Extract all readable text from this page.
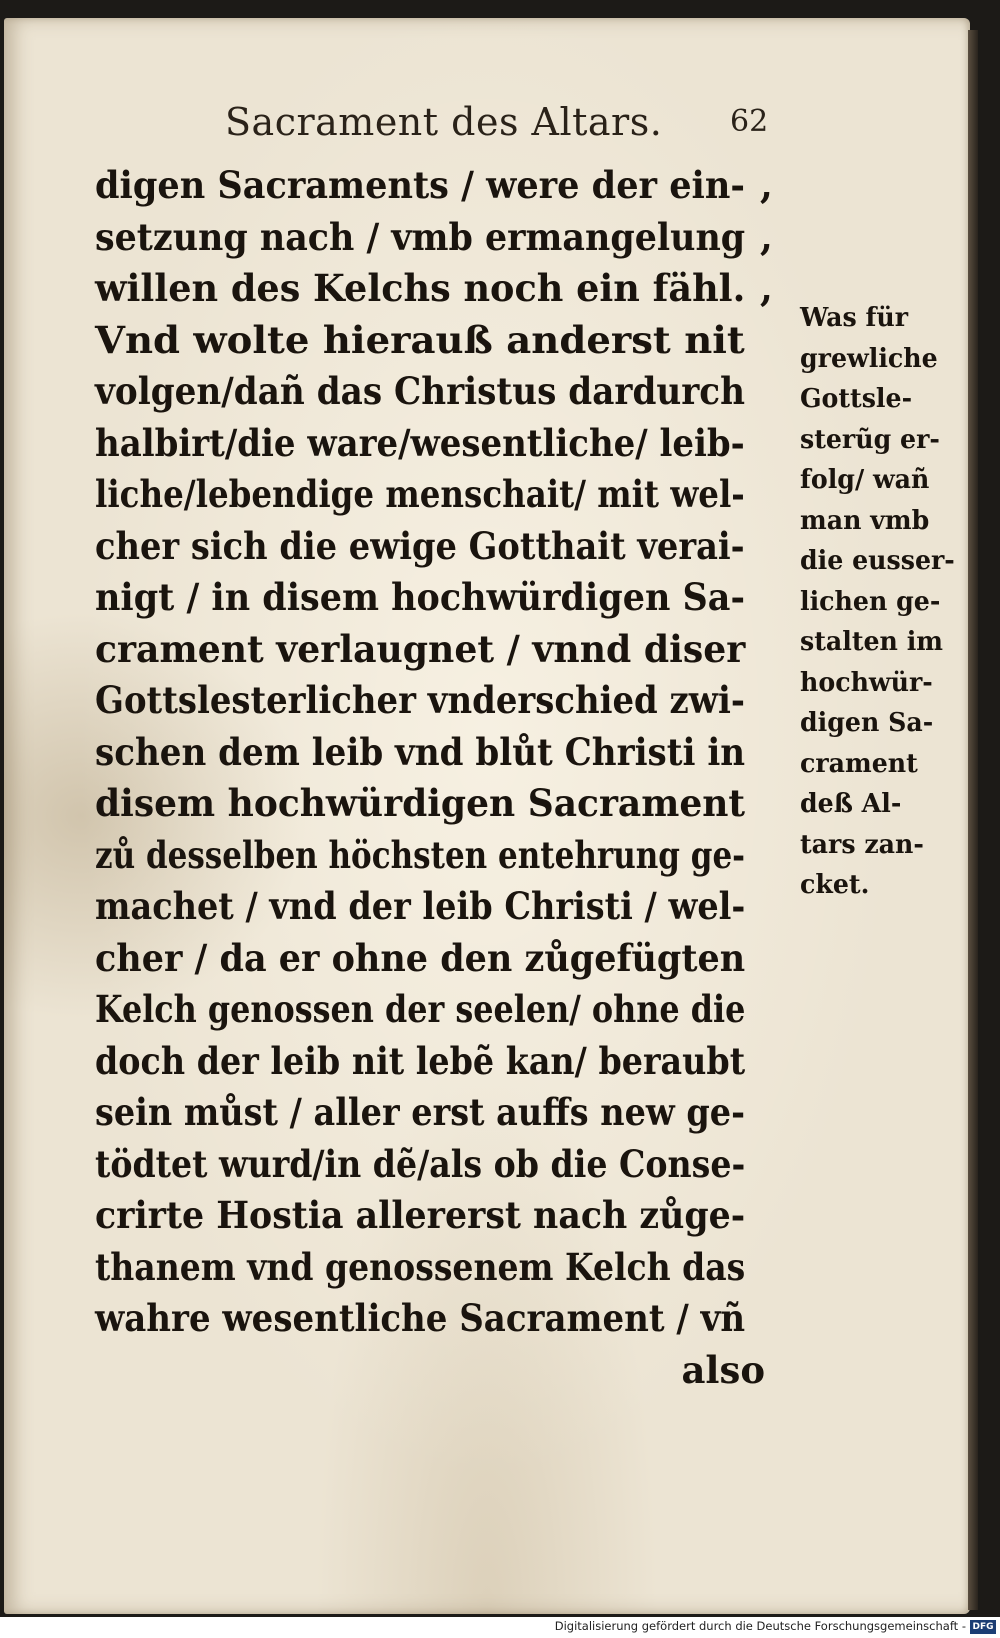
Sacrament des Altars. 62
digen Sacraments / were der ein- ,
setzung nach / vmb ermangelung ,
willen des Kelchs noch ein fähl. ,
Vnd wolte hierauß anderst nit
volgen/dañ das Christus dardurch
halbirt/die ware/wesentliche/ leib-
liche/lebendige menschait/ mit wel-
cher sich die ewige Gotthait verai-
nigt / in disem hochwürdigen Sa-
crament verlaugnet / vnnd diser
Gottslesterlicher vnderschied zwi-
schen dem leib vnd blůt Christi in
disem hochwürdigen Sacrament
zů desselben höchsten entehrung ge-
machet / vnd der leib Christi / wel-
cher / da er ohne den zůgefügten
Kelch genossen der seelen/ ohne die
doch der leib nit lebẽ kan/ beraubt
sein můst / aller erst auffs new ge-
tödtet wurd/in dẽ/als ob die Conse-
crirte Hostia allererst nach zůge-
thanem vnd genossenem Kelch das
wahre wesentliche Sacrament / vñ
also
Was für
grewliche
Gottsle-
sterũg er-
folg/ wañ
man vmb
die eusser-
lichen ge-
stalten im
hochwür-
digen Sa-
crament
deß Al-
tars zan-
cket.
Digitalisierung gefördert durch die Deutsche Forschungsgemeinschaft - DFG
